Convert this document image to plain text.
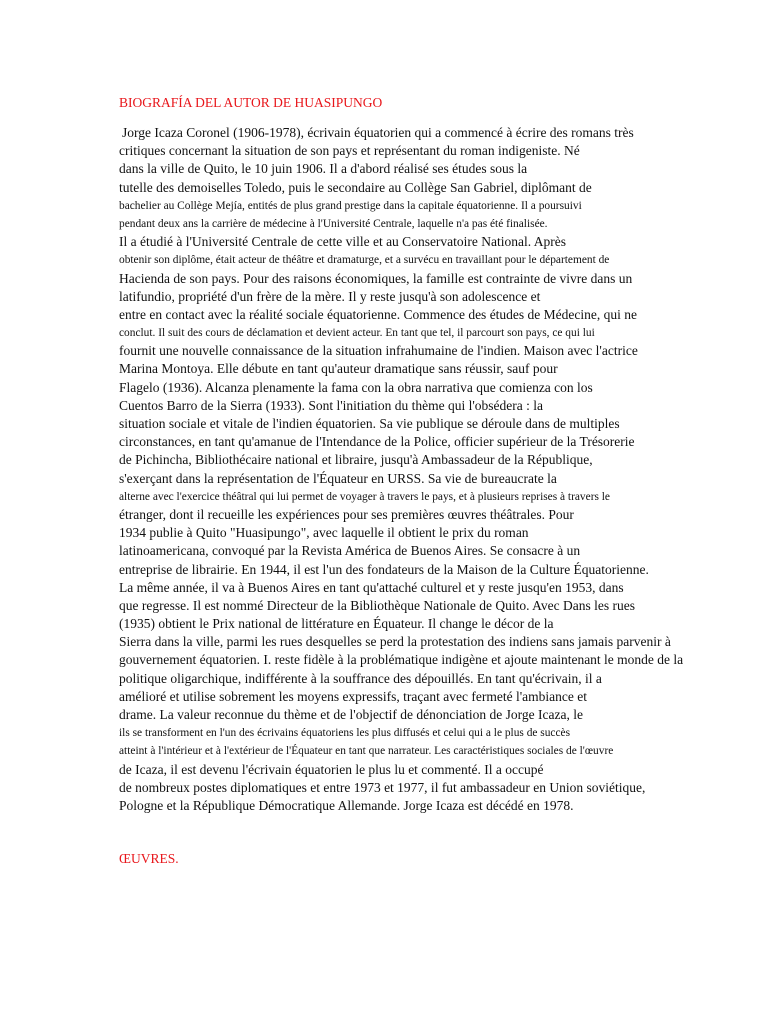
BIOGRAFÍA DEL AUTOR DE HUASIPUNGO
Jorge Icaza Coronel (1906-1978), écrivain équatorien qui a commencé à écrire des romans très
critiques concernant la situation de son pays et représentant du roman indigeniste. Né
dans la ville de Quito, le 10 juin 1906. Il a d'abord réalisé ses études sous la
tutelle des demoiselles Toledo, puis le secondaire au Collège San Gabriel, diplômant de
bachelier au Collège Mejía, entités de plus grand prestige dans la capitale équatorienne. Il a poursuivi
pendant deux ans la carrière de médecine à l'Université Centrale, laquelle n'a pas été finalisée.
Il a étudié à l'Université Centrale de cette ville et au Conservatoire National. Après
obtenir son diplôme, était acteur de théâtre et dramaturge, et a survécu en travaillant pour le département de
Hacienda de son pays. Pour des raisons économiques, la famille est contrainte de vivre dans un
latifundio, propriété d'un frère de la mère. Il y reste jusqu'à son adolescence et
entre en contact avec la réalité sociale équatorienne. Commence des études de Médecine, qui ne
conclut. Il suit des cours de déclamation et devient acteur. En tant que tel, il parcourt son pays, ce qui lui
fournit une nouvelle connaissance de la situation infrahumaine de l'indien. Maison avec l'actrice
Marina Montoya. Elle débute en tant qu'auteur dramatique sans réussir, sauf pour
Flagelo (1936). Alcanza plenamente la fama con la obra narrativa que comienza con los
Cuentos Barro de la Sierra (1933). Sont l'initiation du thème qui l'obsédera : la
situation sociale et vitale de l'indien équatorien. Sa vie publique se déroule dans de multiples
circonstances, en tant qu'amanue de l'Intendance de la Police, officier supérieur de la Trésorerie
de Pichincha, Bibliothécaire national et libraire, jusqu'à Ambassadeur de la République,
s'exerçant dans la représentation de l'Équateur en URSS. Sa vie de bureaucrate la
alterne avec l'exercice théâtral qui lui permet de voyager à travers le pays, et à plusieurs reprises à travers le
étranger, dont il recueille les expériences pour ses premières œuvres théâtrales. Pour
1934 publie à Quito "Huasipungo", avec laquelle il obtient le prix du roman
latinoamericana, convoqué par la Revista América de Buenos Aires. Se consacre à un
entreprise de librairie. En 1944, il est l'un des fondateurs de la Maison de la Culture Équatorienne.
La même année, il va à Buenos Aires en tant qu'attaché culturel et y reste jusqu'en 1953, dans
que regresse. Il est nommé Directeur de la Bibliothèque Nationale de Quito. Avec Dans les rues
(1935) obtient le Prix national de littérature en Équateur. Il change le décor de la
Sierra dans la ville, parmi les rues desquelles se perd la protestation des indiens sans jamais parvenir à
gouvernement équatorien. I. reste fidèle à la problématique indigène et ajoute maintenant le monde de la
politique oligarchique, indifférente à la souffrance des dépouillés. En tant qu'écrivain, il a
amélioré et utilise sobrement les moyens expressifs, traçant avec fermeté l'ambiance et
drame. La valeur reconnue du thème et de l'objectif de dénonciation de Jorge Icaza, le
ils se transforment en l'un des écrivains équatoriens les plus diffusés et celui qui a le plus de succès
atteint à l'intérieur et à l'extérieur de l'Équateur en tant que narrateur. Les caractéristiques sociales de l'œuvre
de Icaza, il est devenu l'écrivain équatorien le plus lu et commenté. Il a occupé
de nombreux postes diplomatiques et entre 1973 et 1977, il fut ambassadeur en Union soviétique,
Pologne et la République Démocratique Allemande. Jorge Icaza est décédé en 1978.
ŒUVRES.
